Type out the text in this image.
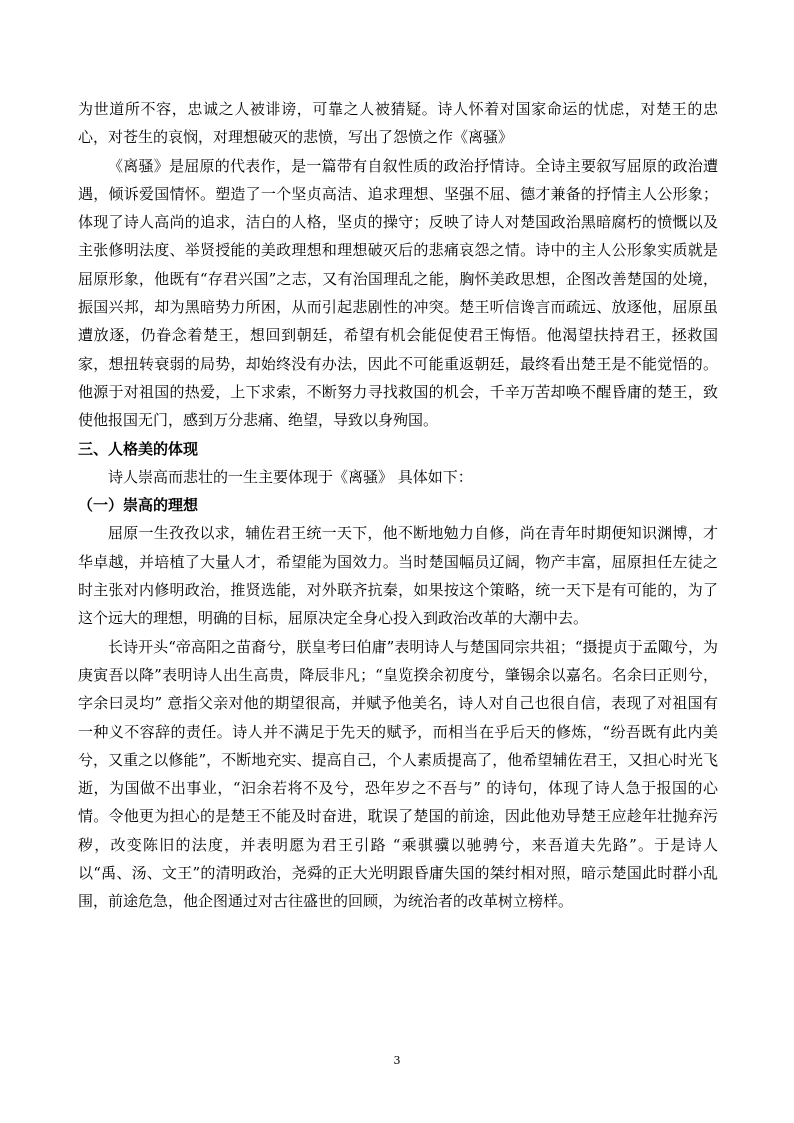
为世道所不容，忠诚之人被诽谤，可靠之人被猜疑。诗人怀着对国家命运的忧虑，对楚王的忠心，对苍生的哀悯，对理想破灭的悲愤，写出了怨愤之作《离骚》

《离骚》是屈原的代表作，是一篇带有自叙性质的政治抒情诗。全诗主要叙写屈原的政治遭遇，倾诉爱国情怀。塑造了一个坚贞高洁、追求理想、坚强不屈、德才兼备的抒情主人公形象；体现了诗人高尚的追求，洁白的人格，坚贞的操守；反映了诗人对楚国政治黑暗腐朽的愤慨以及主张修明法度、举贤授能的美政理想和理想破灭后的悲痛哀怨之情。诗中的主人公形象实质就是屈原形象，他既有“存君兴国”之志，又有治国理乱之能，胸怀美政思想，企图改善楚国的处境，振国兴邦，却为黑暗势力所困，从而引起悲剧性的冲突。楚王听信谗言而疏远、放逐他，屈原虽遭放逐，仍眷念着楚王，想回到朝廷，希望有机会能促使君王悔悟。他渴望扶持君王，拯救国家，想扭转衰弱的局势，却始终没有办法，因此不可能重返朝廷，最终看出楚王是不能觉悟的。他源于对祖国的热爱，上下求索，不断努力寻找救国的机会，千辛万苦却唤不醒昏庸的楚王，致使他报国无门，感到万分悲痛、绝望，导致以身殉国。

三、人格美的体现

诗人崇高而悲壮的一生主要体现于《离骚》 具体如下：

（一）崇高的理想

屈原一生孜孜以求，辅佐君王统一天下，他不断地勉力自修，尚在青年时期便知识渊博，才华卓越，并培植了大量人才，希望能为国效力。当时楚国幅员辽阔，物产丰富，屈原担任左徒之时主张对内修明政治，推贤选能，对外联齐抗秦，如果按这个策略，统一天下是有可能的，为了这个远大的理想，明确的目标，屈原决定全身心投入到政治改革的大潮中去。

长诗开头“帝高阳之苗裔兮，朕皇考曰伯庸”表明诗人与楚国同宗共祖；“摄提贞于孟陬兮，为庚寅吾以降”表明诗人出生高贵，降辰非凡；“皇览揆余初度兮，肇锡余以嘉名。名余曰正则兮，字余曰灵均” 意指父亲对他的期望很高，并赋予他美名，诗人对自己也很自信，表现了对祖国有一种义不容辞的责任。诗人并不满足于先天的赋予，而相当在乎后天的修炼，“纷吾既有此内美兮，又重之以修能”，不断地充实、提高自己，个人素质提高了，他希望辅佐君王，又担心时光飞逝，为国做不出事业，“汩余若将不及兮，恐年岁之不吾与” 的诗句，体现了诗人急于报国的心情。令他更为担心的是楚王不能及时奋进，耽误了楚国的前途，因此他劝导楚王应趁年壮抛弃污秽，改变陈旧的法度，并表明愿为君王引路 “乘骐骥以驰骋兮，来吾道夫先路”。于是诗人以“禹、汤、文王”的清明政治，尧舜的正大光明跟昏庸失国的桀纣相对照，暗示楚国此时群小乱围，前途危急，他企图通过对古往盛世的回顾，为统治者的改革树立榜样。

3
